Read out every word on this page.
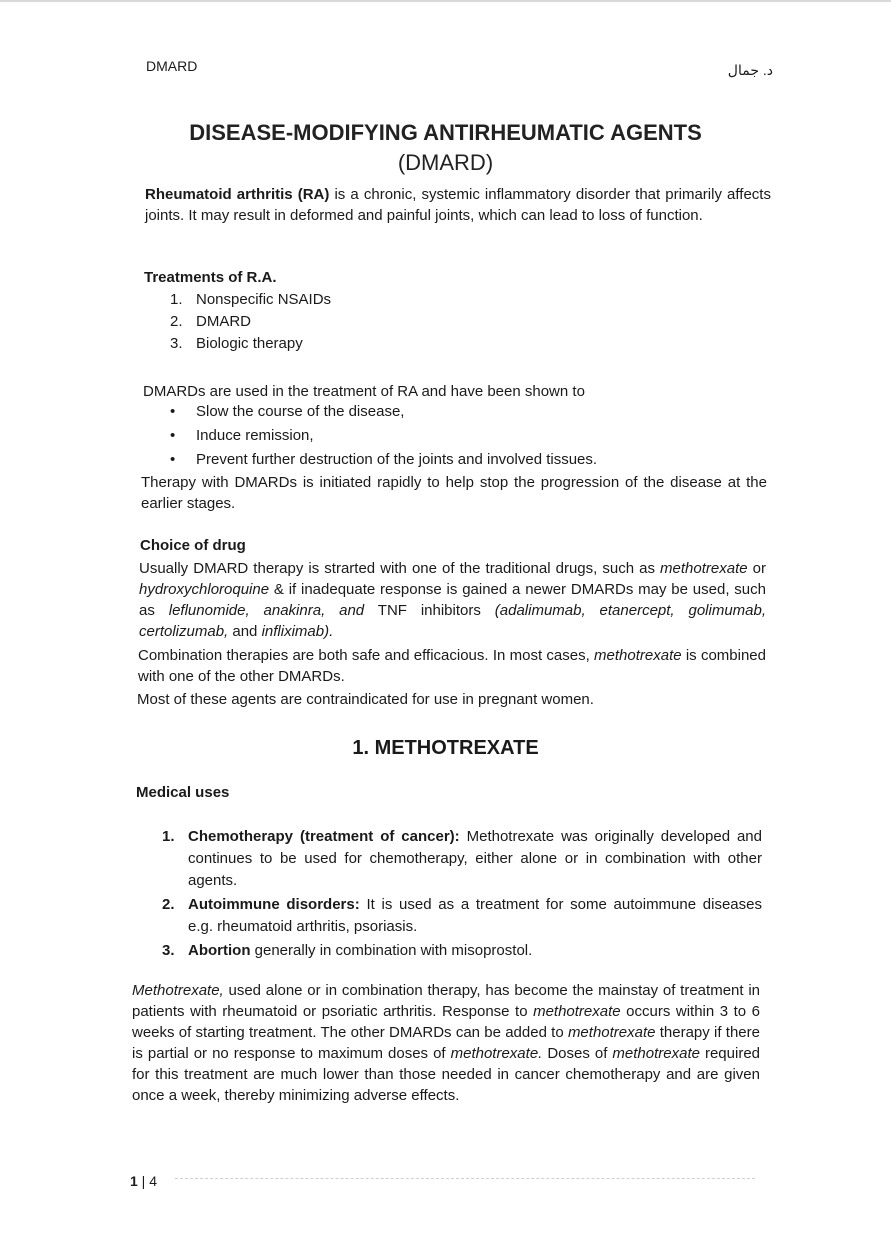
DMARD	د. جمال
DISEASE-MODIFYING ANTIRHEUMATIC AGENTS
(DMARD)
Rheumatoid arthritis (RA) is a chronic, systemic inflammatory disorder that primarily affects joints. It may result in deformed and painful joints, which can lead to loss of function.
Treatments of R.A.
1. Nonspecific NSAIDs
2. DMARD
3. Biologic therapy
DMARDs are used in the treatment of RA and have been shown to
• Slow the course of the disease,
• Induce remission,
• Prevent further destruction of the joints and involved tissues.
Therapy with DMARDs is initiated rapidly to help stop the progression of the disease at the earlier stages.
Choice of drug
Usually DMARD therapy is strarted with one of the traditional drugs, such as methotrexate or hydroxychloroquine & if inadequate response is gained a newer DMARDs may be used, such as leflunomide, anakinra, and TNF inhibitors (adalimumab, etanercept, golimumab, certolizumab, and infliximab).
Combination therapies are both safe and efficacious. In most cases, methotrexate is combined with one of the other DMARDs.
Most of these agents are contraindicated for use in pregnant women.
1. METHOTREXATE
Medical uses
1. Chemotherapy (treatment of cancer): Methotrexate was originally developed and continues to be used for chemotherapy, either alone or in combination with other agents.
2. Autoimmune disorders: It is used as a treatment for some autoimmune diseases e.g. rheumatoid arthritis, psoriasis.
3. Abortion generally in combination with misoprostol.
Methotrexate, used alone or in combination therapy, has become the mainstay of treatment in patients with rheumatoid or psoriatic arthritis. Response to methotrexate occurs within 3 to 6 weeks of starting treatment. The other DMARDs can be added to methotrexate therapy if there is partial or no response to maximum doses of methotrexate. Doses of methotrexate required for this treatment are much lower than those needed in cancer chemotherapy and are given once a week, thereby minimizing adverse effects.
1 | 4
